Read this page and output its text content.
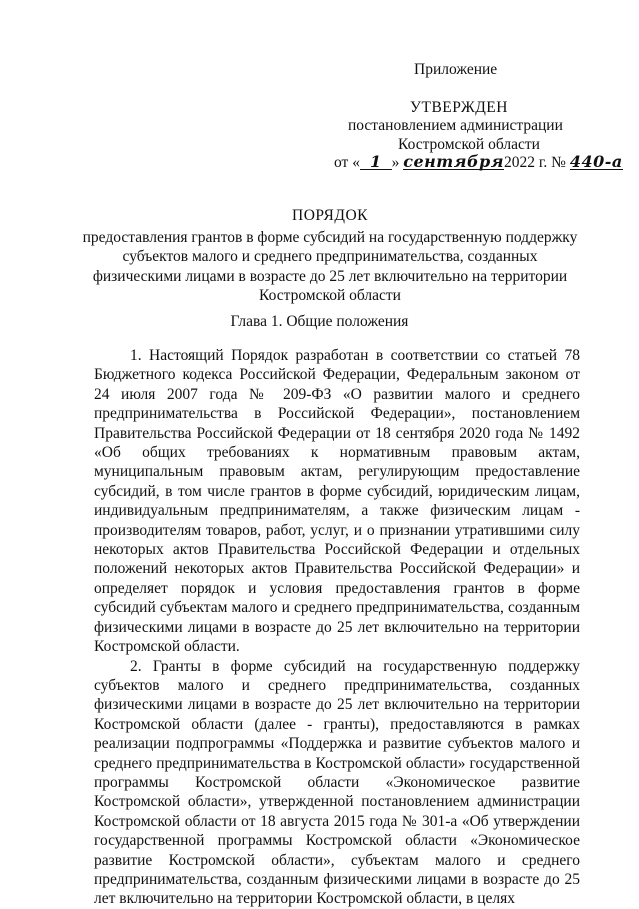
Приложение
УТВЕРЖДЕН
постановлением администрации
Костромской области
от « 1 » сентября2022 г. № 440-а
ПОРЯДОК
предоставления грантов в форме субсидий на государственную поддержку
субъектов малого и среднего предпринимательства, созданных
физическими лицами в возрасте до 25 лет включительно на территории
Костромской области
Глава 1. Общие положения

1. Настоящий Порядок разработан в соответствии со статьей 78 Бюджетного кодекса Российской Федерации, Федеральным законом от 24 июля 2007 года № 209-ФЗ «О развитии малого и среднего предпринимательства в Российской Федерации», постановлением Правительства Российской Федерации от 18 сентября 2020 года № 1492 «Об общих требованиях к нормативным правовым актам, муниципальным правовым актам, регулирующим предоставление субсидий, в том числе грантов в форме субсидий, юридическим лицам, индивидуальным предпринимателям, а также физическим лицам - производителям товаров, работ, услуг, и о признании утратившими силу некоторых актов Правительства Российской Федерации и отдельных положений некоторых актов Правительства Российской Федерации» и определяет порядок и условия предоставления грантов в форме субсидий субъектам малого и среднего предпринимательства, созданным физическими лицами в возрасте до 25 лет включительно на территории Костромской области.

2. Гранты в форме субсидий на государственную поддержку субъектов малого и среднего предпринимательства, созданных физическими лицами в возрасте до 25 лет включительно на территории Костромской области (далее - гранты), предоставляются в рамках реализации подпрограммы «Поддержка и развитие субъектов малого и среднего предпринимательства в Костромской области» государственной программы Костромской области «Экономическое развитие Костромской области», утвержденной постановлением администрации Костромской области от 18 августа 2015 года № 301-а «Об утверждении государственной программы Костромской области «Экономическое развитие Костромской области», субъектам малого и среднего предпринимательства, созданным физическими лицами в возрасте до 25 лет включительно на территории Костромской области, в целях
